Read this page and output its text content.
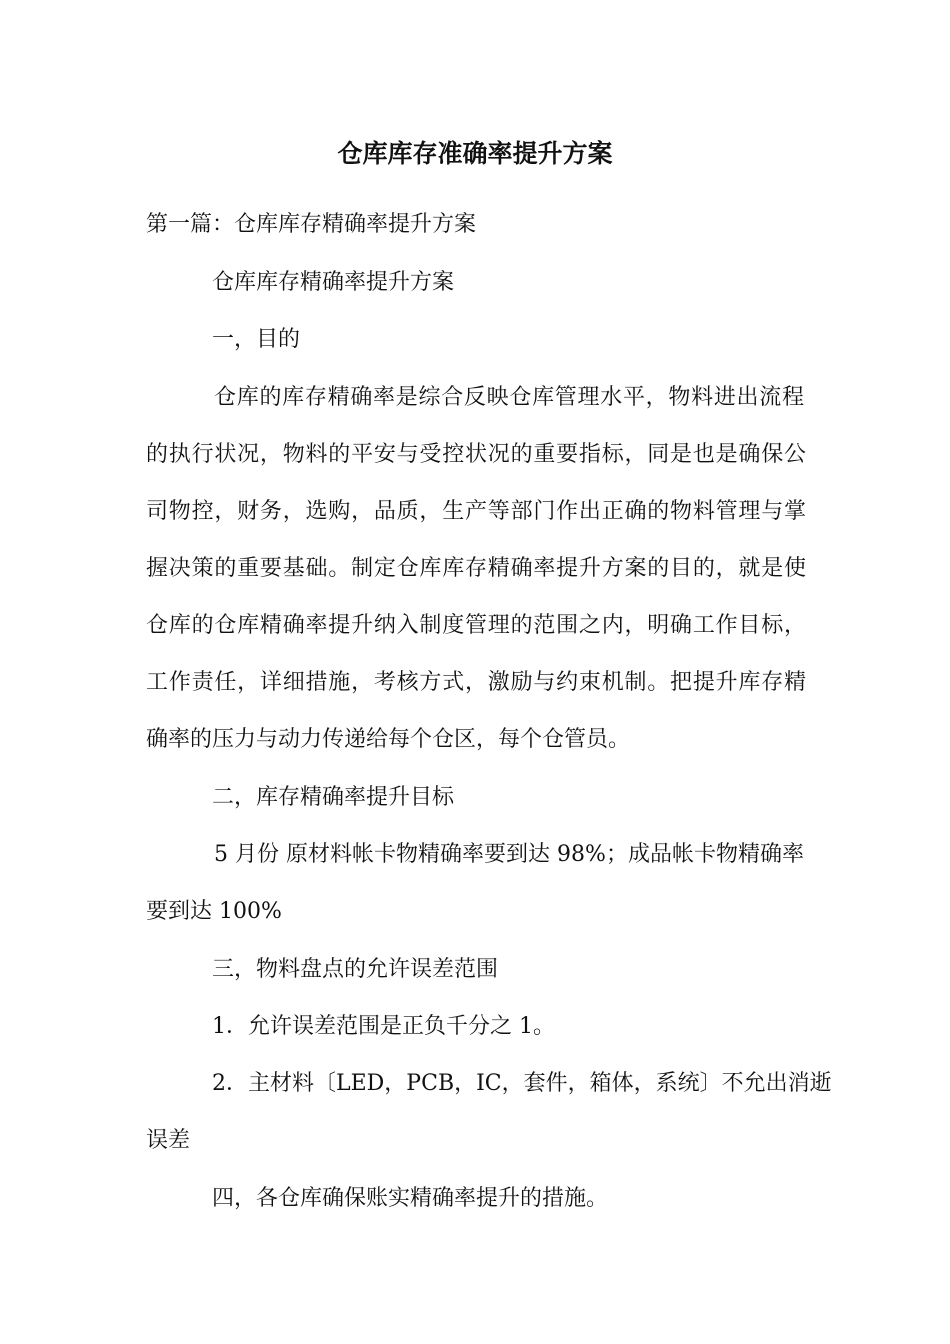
仓库库存准确率提升方案
第一篇：仓库库存精确率提升方案
仓库库存精确率提升方案
一，目的
仓库的库存精确率是综合反映仓库管理水平，物料进出流程
的执行状况，物料的平安与受控状况的重要指标，同是也是确保公
司物控，财务，选购，品质，生产等部门作出正确的物料管理与掌
握决策的重要基础。制定仓库库存精确率提升方案的目的，就是使
仓库的仓库精确率提升纳入制度管理的范围之内，明确工作目标，
工作责任，详细措施，考核方式，激励与约束机制。把提升库存精
确率的压力与动力传递给每个仓区，每个仓管员。
二，库存精确率提升目标
5 月份 原材料帐卡物精确率要到达 98%；成品帐卡物精确率
要到达 100%
三，物料盘点的允许误差范围
1．允许误差范围是正负千分之 1。
2．主材料〔LED，PCB，IC，套件，箱体，系统〕不允出消逝
误差
四，各仓库确保账实精确率提升的措施。
